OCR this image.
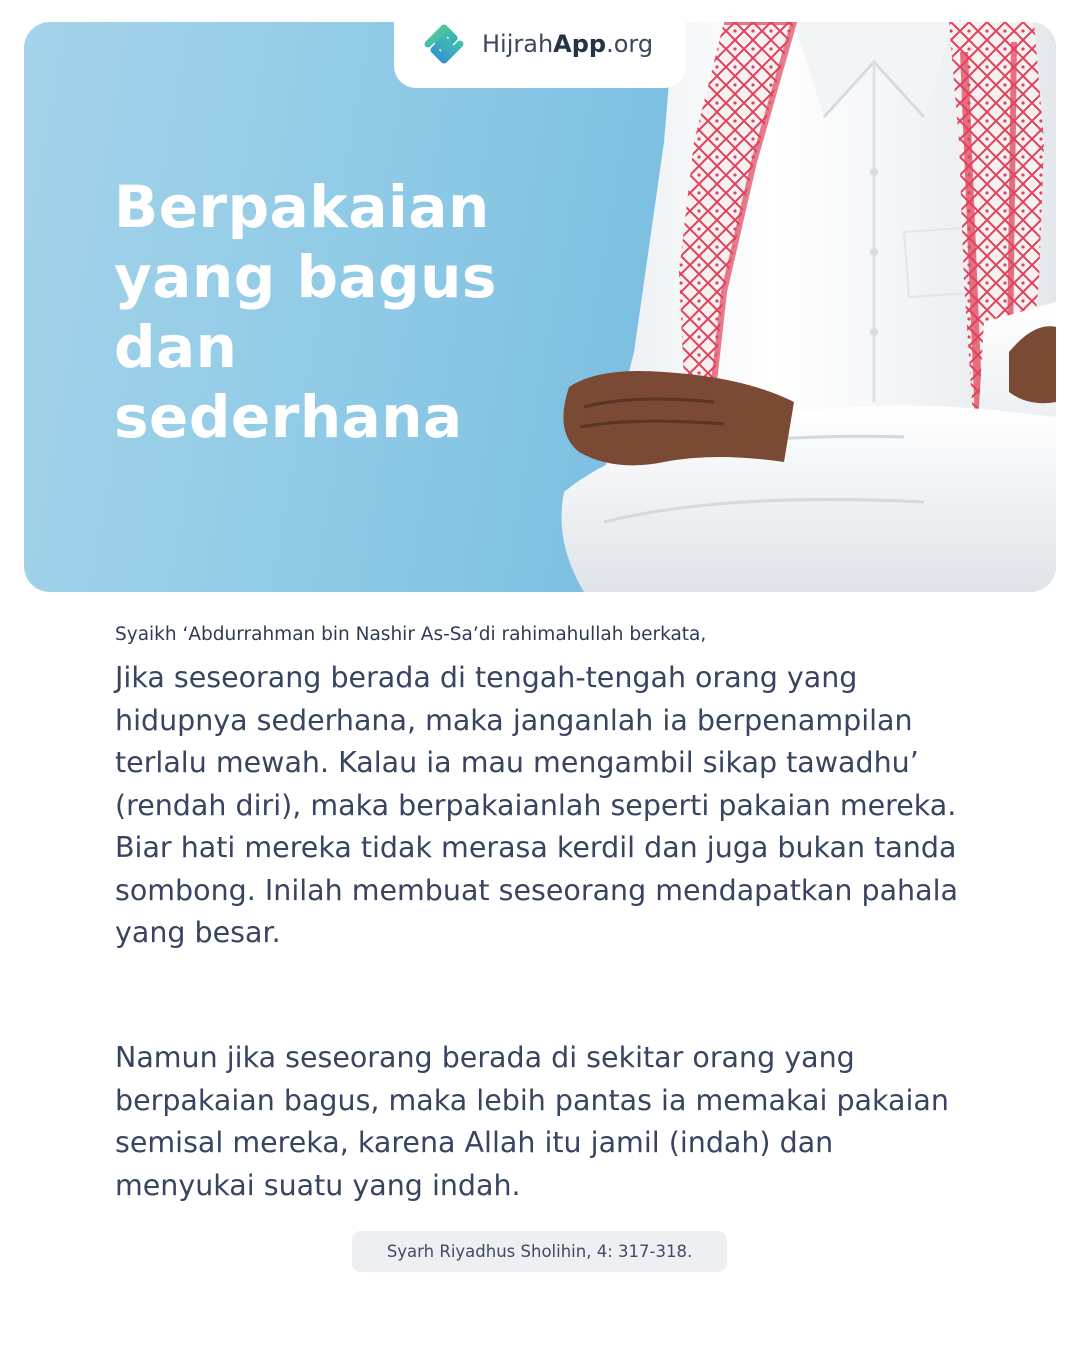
Berpakaian yang bagus dan sederhana
HijrahApp.org

Syaikh ‘Abdurrahman bin Nashir As-Sa’di rahimahullah berkata,

Jika seseorang berada di tengah-tengah orang yang hidupnya sederhana, maka janganlah ia berpenampilan terlalu mewah. Kalau ia mau mengambil sikap tawadhu’ (rendah diri), maka berpakaianlah seperti pakaian mereka. Biar hati mereka tidak merasa kerdil dan juga bukan tanda sombong. Inilah membuat seseorang mendapatkan pahala yang besar.

Namun jika seseorang berada di sekitar orang yang berpakaian bagus, maka lebih pantas ia memakai pakaian semisal mereka, karena Allah itu jamil (indah) dan menyukai suatu yang indah.

Syarh Riyadhus Sholihin, 4: 317-318.
